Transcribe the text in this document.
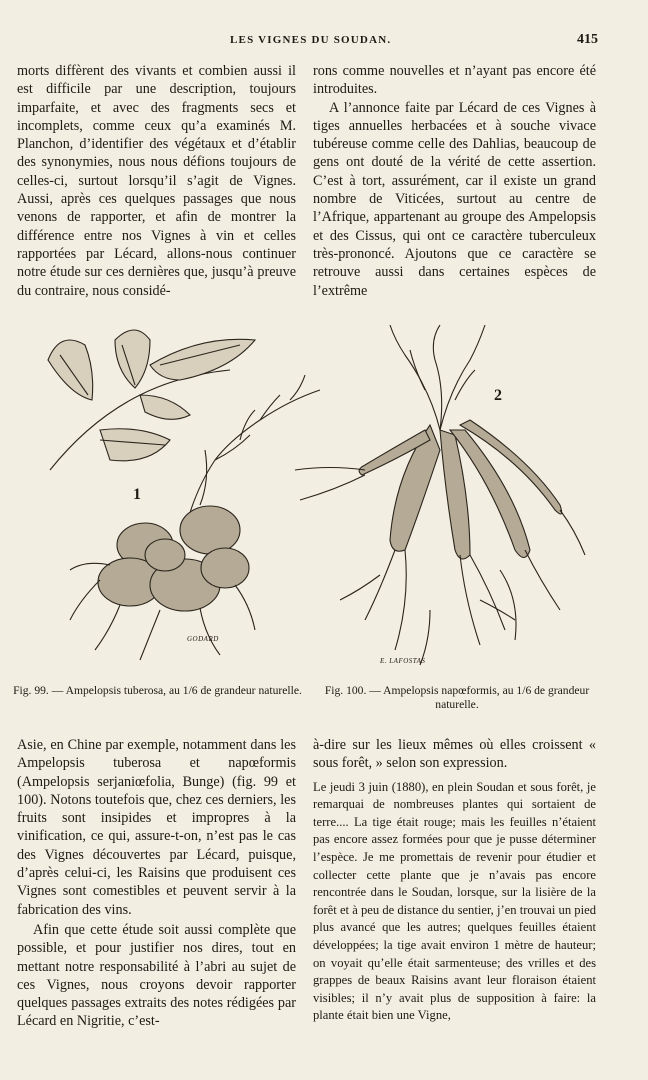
LES VIGNES DU SOUDAN.	415

morts diffèrent des vivants et combien aussi il est difficile par une description, toujours imparfaite, et avec des fragments secs et incomplets, comme ceux qu’a examinés M. Planchon, d’identifier des végétaux et d’établir des synonymies, nous nous défions toujours de celles-ci, surtout lorsqu’il s’agit de Vignes. Aussi, après ces quelques passages que nous venons de rapporter, et afin de montrer la différence entre nos Vignes à vin et celles rapportées par Lécard, allons-nous continuer notre étude sur ces dernières que, jusqu’à preuve du contraire, nous considé-

rons comme nouvelles et n’ayant pas encore été introduites.

A l’annonce faite par Lécard de ces Vignes à tiges annuelles herbacées et à souche vivace tubéreuse comme celle des Dahlias, beaucoup de gens ont douté de la vérité de cette assertion. C’est à tort, assurément, car il existe un grand nombre de Viticées, surtout au centre de l’Afrique, appartenant au groupe des Ampelopsis et des Cissus, qui ont ce caractère tuberculeux très-prononcé. Ajoutons que ce caractère se retrouve aussi dans certaines espèces de l’extrême

1
2
GODARD
E. LAFOSTAS
Fig. 99. — Ampelopsis tuberosa, au 1/6 de grandeur naturelle.	Fig. 100. — Ampelopsis napœformis, au 1/6 de grandeur naturelle.

Asie, en Chine par exemple, notamment dans les Ampelopsis tuberosa et napœformis (Ampelopsis serjaniœfolia, Bunge) (fig. 99 et 100). Notons toutefois que, chez ces derniers, les fruits sont insipides et impropres à la vinification, ce qui, assure-t-on, n’est pas le cas des Vignes découvertes par Lécard, puisque, d’après celui-ci, les Raisins que produisent ces Vignes sont comestibles et peuvent servir à la fabrication des vins.

Afin que cette étude soit aussi complète que possible, et pour justifier nos dires, tout en mettant notre responsabilité à l’abri au sujet de ces Vignes, nous croyons devoir rapporter quelques passages extraits des notes rédigées par Lécard en Nigritie, c’est-

à-dire sur les lieux mêmes où elles croissent « sous forêt, » selon son expression.

Le jeudi 3 juin (1880), en plein Soudan et sous forêt, je remarquai de nombreuses plantes qui sortaient de terre.... La tige était rouge; mais les feuilles n’étaient pas encore assez formées pour que je pusse déterminer l’espèce. Je me promettais de revenir pour étudier et collecter cette plante que je n’avais pas encore rencontrée dans le Soudan, lorsque, sur la lisière de la forêt et à peu de distance du sentier, j’en trouvai un pied plus avancé que les autres; quelques feuilles étaient développées; la tige avait environ 1 mètre de hauteur; on voyait qu’elle était sarmenteuse; des vrilles et des grappes de beaux Raisins avant leur floraison étaient visibles; il n’y avait plus de supposition à faire: la plante était bien une Vigne,
